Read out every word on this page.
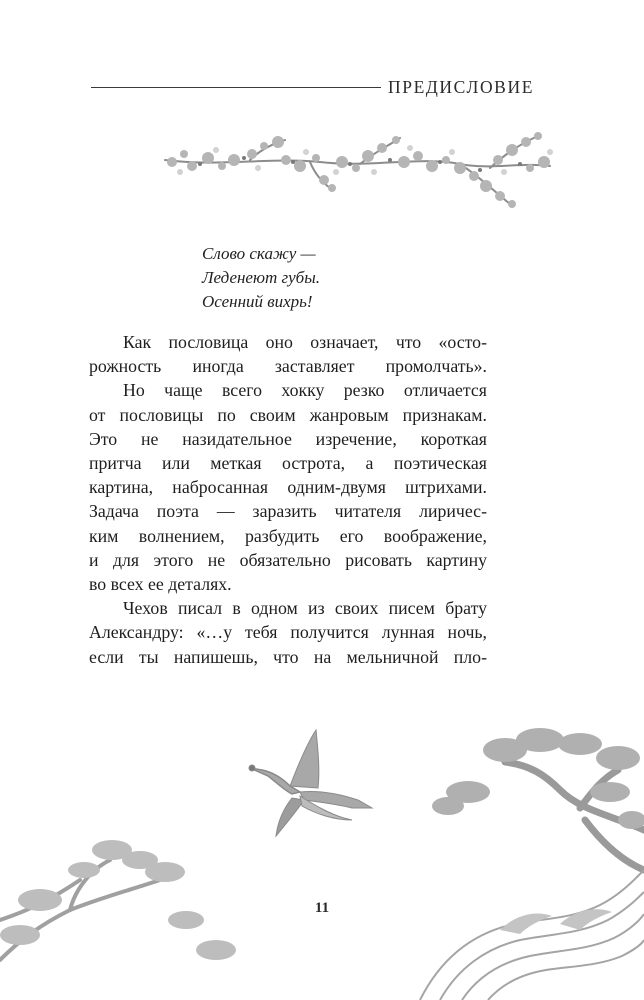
ПРЕДИСЛОВИЕ
Слово скажу —
Леденеют губы.
Осенний вихрь!
Как пословица оно означает, что «осто-
рожность иногда заставляет промолчать».
Но чаще всего хокку резко отличается
от пословицы по своим жанровым признакам.
Это не назидательное изречение, короткая
притча или меткая острота, а поэтическая
картина, набросанная одним-двумя штрихами.
Задача поэта — заразить читателя лиричес-
ким волнением, разбудить его воображение,
и для этого не обязательно рисовать картину
во всех ее деталях.
Чехов писал в одном из своих писем брату
Александру: «…у тебя получится лунная ночь,
если ты напишешь, что на мельничной пло-
11
